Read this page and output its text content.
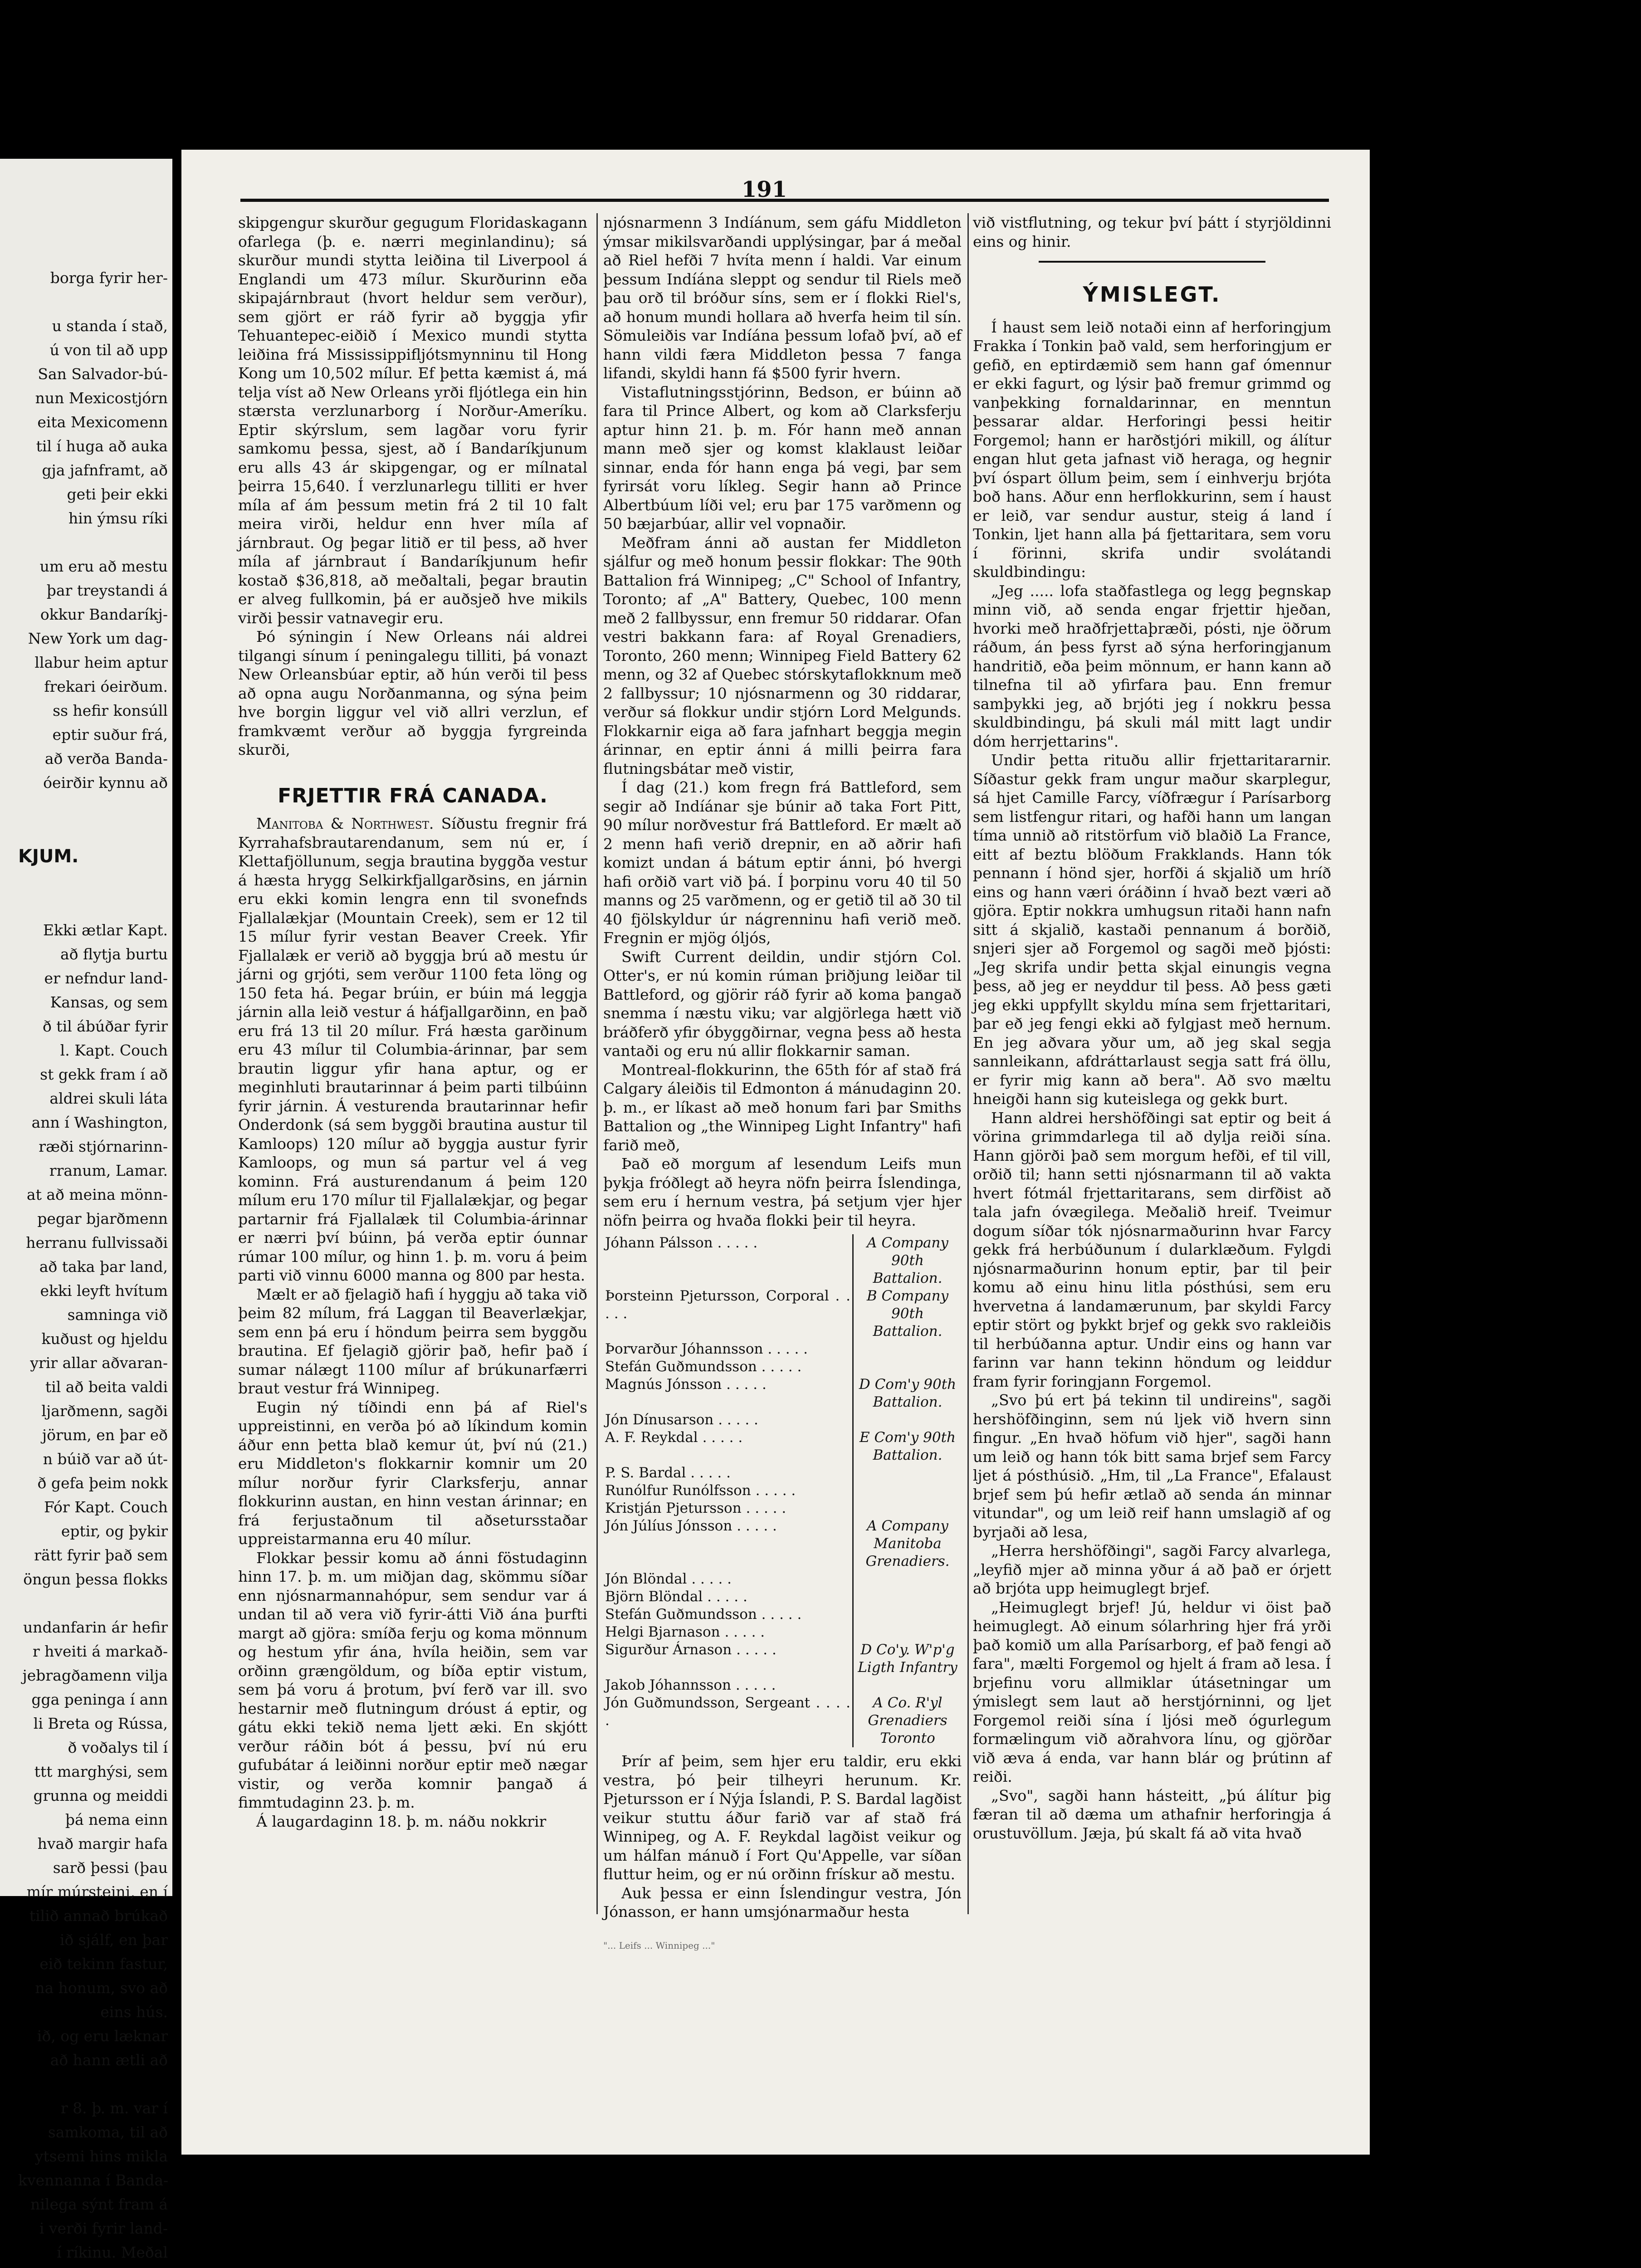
borga fyrir her-

u standa í stað,
ú von til að upp
San Salvador-bú-
nun Mexicostjórn
eita Mexicomenn
til í huga að auka
gja jafnframt, að
geti þeir ekki
hin ýmsu ríki

um eru að mestu
þar treystandi á
okkur Bandaríkj-
New York um dag-
llabur heim aptur
frekari óeirðum.
ss hefir konsúll
eptir suður frá,
að verða Banda-
óeirðir kynnu að

KJUM.

Ekki ætlar Kapt.
að flytja burtu
er nefndur land-
Kansas, og sem
ð til ábúðar fyrir
l. Kapt. Couch
st gekk fram í að
aldrei skuli láta
ann í Washington,
ræði stjórnarinn-
rranum, Lamar.
at að meina mönn-
pegar bjarðmenn
herranu fullvissaði
að taka þar land,
ekki leyft hvítum
samninga við
kuðust og hjeldu
yrir allar aðvaran-
til að beita valdi
ljarðmenn, sagði
jörum, en þar eð
n búið var að út-
ð gefa þeim nokk
Fór Kapt. Couch
eptir, og þykir
rätt fyrir það sem
öngun þessa flokks

undanfarin ár hefir
r hveiti á markað-
jebragðamenn vilja
gga peninga í ann
li Breta og Rússa,
ð voðalys til í
ttt marghýsi, sem
grunna og meiddi
þá nema einn
hvað margir hafa
sarð þessi (þau
mír múrsteini, en í
tilið annað brúkað
ið sjálf, en þar
eið tekinn fastur,
na honum, svo að
eins hús.
ið, og eru læknar
að hann ætli að

r 8. þ. m. var í
samkoma, til að
ytsemi hins mikla
kvennanna í Banda-
nilega sýnt fram á
i verði fyrir land-
í ríkinu. Meðal

191

skipgengur skurður gegugum Floridaskagann ofarlega (þ. e. nærri meginlandinu); sá skurður mundi stytta leiðina til Liverpool á Englandi um 473 mílur. Skurðurinn eða skipajárnbraut (hvort heldur sem verður), sem gjört er ráð fyrir að byggja yfir Tehuantepec-eiðið í Mexico mundi stytta leiðina frá Mississippifljótsmynninu til Hong Kong um 10,502 mílur. Ef þetta kæmist á, má telja víst að New Orleans yrði fljótlega ein hin stærsta verzlunarborg í Norður-Ameríku. Eptir skýrslum, sem lagðar voru fyrir samkomu þessa, sjest, að í Bandaríkjunum eru alls 43 ár skipgengar, og er mílnatal þeirra 15,640. Í verzlunarlegu tilliti er hver míla af ám þessum metin frá 2 til 10 falt meira virði, heldur enn hver míla af járnbraut. Og þegar litið er til þess, að hver míla af járnbraut í Bandaríkjunum hefir kostað $36,818, að meðaltali, þegar brautin er alveg fullkomin, þá er auðsjeð hve mikils virði þessir vatnavegir eru.

Þó sýningin í New Orleans nái aldrei tilgangi sínum í peningalegu tilliti, þá vonazt New Orleansbúar eptir, að hún verði til þess að opna augu Norðanmanna, og sýna þeim hve borgin liggur vel við allri verzlun, ef framkvæmt verður að byggja fyrgreinda skurði,

FRJETTIR FRÁ CANADA.

Manitoba & Northwest. Síðustu fregnir frá Kyrrahafsbrautarendanum, sem nú er, í Klettafjöllunum, segja brautina byggða vestur á hæsta hrygg Selkirkfjallgarðsins, en járnin eru ekki komin lengra enn til svonefnds Fjallalækjar (Mountain Creek), sem er 12 til 15 mílur fyrir vestan Beaver Creek. Yfir Fjallalæk er verið að byggja brú að mestu úr járni og grjóti, sem verður 1100 feta löng og 150 feta há. Þegar brúin, er búin má leggja járnin alla leið vestur á háfjallgarðinn, en það eru frá 13 til 20 mílur. Frá hæsta garðinum eru 43 mílur til Columbia-árinnar, þar sem brautin liggur yfir hana aptur, og er meginhluti brautarinnar á þeim parti tilbúinn fyrir járnin. Á vesturenda brautarinnar hefir Onderdonk (sá sem byggði brautina austur til Kamloops) 120 mílur að byggja austur fyrir Kamloops, og mun sá partur vel á veg kominn. Frá austurendanum á þeim 120 mílum eru 170 mílur til Fjallalækjar, og þegar partarnir frá Fjallalæk til Columbia-árinnar er nærri því búinn, þá verða eptir óunnar rúmar 100 mílur, og hinn 1. þ. m. voru á þeim parti við vinnu 6000 manna og 800 par hesta.

Mælt er að fjelagið hafi í hyggju að taka við þeim 82 mílum, frá Laggan til Beaverlækjar, sem enn þá eru í höndum þeirra sem byggðu brautina. Ef fjelagið gjörir það, hefir það í sumar nálægt 1100 mílur af brúkunarfærri braut vestur frá Winnipeg.

Eugin ný tíðindi enn þá af Riel's uppreistinni, en verða þó að líkindum komin áður enn þetta blað kemur út, því nú (21.) eru Middleton's flokkarnir komnir um 20 mílur norður fyrir Clarksferju, annar flokkurinn austan, en hinn vestan árinnar; en frá ferjustaðnum til aðsetursstaðar uppreistarmanna eru 40 mílur.

Flokkar þessir komu að ánni föstudaginn hinn 17. þ. m. um miðjan dag, skömmu síðar enn njósnarmannahópur, sem sendur var á undan til að vera við fyrir-átti Við ána þurfti margt að gjöra: smíða ferju og koma mönnum og hestum yfir ána, hvíla heiðin, sem var orðinn grængöldum, og bíða eptir vistum, sem þá voru á þrotum, því ferð var ill. svo hestarnir með flutningum dróust á eptir, og gátu ekki tekið nema ljett æki. En skjótt verður ráðin bót á þessu, því nú eru gufubátar á leiðinni norður eptir með nægar vistir, og verða komnir þangað á fimmtudaginn 23. þ. m.

Á laugardaginn 18. þ. m. náðu nokkrir

njósnarmenn 3 Indíánum, sem gáfu Middleton ýmsar mikilsvarðandi upplýsingar, þar á meðal að Riel hefði 7 hvíta menn í haldi. Var einum þessum Indíána sleppt og sendur til Riels með þau orð til bróður síns, sem er í flokki Riel's, að honum mundi hollara að hverfa heim til sín. Sömuleiðis var Indíána þessum lofað því, að ef hann vildi færa Middleton þessa 7 fanga lifandi, skyldi hann fá $500 fyrir hvern.

Vistaflutningsstjórinn, Bedson, er búinn að fara til Prince Albert, og kom að Clarksferju aptur hinn 21. þ. m. Fór hann með annan mann með sjer og komst klaklaust leiðar sinnar, enda fór hann enga þá vegi, þar sem fyrirsát voru líkleg. Segir hann að Prince Albertbúum líði vel; eru þar 175 varðmenn og 50 bæjarbúar, allir vel vopnaðir.

Meðfram ánni að austan fer Middleton sjálfur og með honum þessir flokkar: The 90th Battalion frá Winnipeg; „C" School of Infantry, Toronto; af „A" Battery, Quebec, 100 menn með 2 fallbyssur, enn fremur 50 riddarar. Ofan vestri bakkann fara: af Royal Grenadiers, Toronto, 260 menn; Winnipeg Field Battery 62 menn, og 32 af Quebec stórskytaflokknum með 2 fallbyssur; 10 njósnarmenn og 30 riddarar, verður sá flokkur undir stjórn Lord Melgunds. Flokkarnir eiga að fara jafnhart beggja megin árinnar, en eptir ánni á milli þeirra fara flutningsbátar með vistir,

Í dag (21.) kom fregn frá Battleford, sem segir að Indíánar sje búnir að taka Fort Pitt, 90 mílur norðvestur frá Battleford. Er mælt að 2 menn hafi verið drepnir, en að aðrir hafi komizt undan á bátum eptir ánni, þó hvergi hafi orðið vart við þá. Í þorpinu voru 40 til 50 manns og 25 varðmenn, og er getið til að 30 til 40 fjölskyldur úr nágrenninu hafi verið með. Fregnin er mjög óljós,

Swift Current deildin, undir stjórn Col. Otter's, er nú komin rúman þriðjung leiðar til Battleford, og gjörir ráð fyrir að koma þangað snemma í næstu viku; var algjörlega hætt við bráðferð yfir óbyggðirnar, vegna þess að hesta vantaði og eru nú allir flokkarnir saman.

Montreal-flokkurinn, the 65th fór af stað frá Calgary áleiðis til Edmonton á mánudaginn 20. þ. m., er líkast að með honum fari þar Smiths Battalion og „the Winnipeg Light Infantry" hafi farið með,

Það eð morgum af lesendum Leifs mun þykja fróðlegt að heyra nöfn þeirra Íslendinga, sem eru í hernum vestra, þá setjum vjer hjer nöfn þeirra og hvaða flokki þeir til heyra.

Jóhann Pálsson . . . . .	A Company 90th Battalion.
Þorsteinn Pjetursson, Corporal . . . . .	B Company 90th Battalion.
Þorvarður Jóhannsson . . . . .	
Stefán Guðmundsson . . . . .	
Magnús Jónsson . . . . .	D Com'y 90th Battalion.
Jón Dínusarson . . . . .	
A. F. Reykdal . . . . .	E Com'y 90th Battalion.
P. S. Bardal . . . . .	
Runólfur Runólfsson . . . . .	
Kristján Pjetursson . . . . .	
Jón Júlíus Jónsson . . . . .	A Company Manitoba Grenadiers.
Jón Blöndal . . . . .	
Björn Blöndal . . . . .	
Stefán Guðmundsson . . . . .	
Helgi Bjarnason . . . . .	
Sigurður Árnason . . . . .	D Co'y. W'p'g Ligth Infantry
Jakob Jóhannsson . . . . .	
Jón Guðmundsson, Sergeant . . . . .	A Co. R'yl Grenadiers Toronto

Þrír af þeim, sem hjer eru taldir, eru ekki vestra, þó þeir tilheyri herunum. Kr. Pjetursson er í Nýja Íslandi, P. S. Bardal lagðist veikur stuttu áður farið var af stað frá Winnipeg, og A. F. Reykdal lagðist veikur og um hálfan mánuð í Fort Qu'Appelle, var síðan fluttur heim, og er nú orðinn frískur að mestu.

Auk þessa er einn Íslendingur vestra, Jón Jónasson, er hann umsjónarmaður hesta

"... Leifs ... Winnipeg ..."

við vistflutning, og tekur því þátt í styrjöldinni eins og hinir.

ÝMISLEGT.

Í haust sem leið notaði einn af herforingjum Frakka í Tonkin það vald, sem herforingjum er gefið, en eptirdæmið sem hann gaf ómennur er ekki fagurt, og lýsir það fremur grimmd og vanþekking fornaldarinnar, en menntun þessarar aldar. Herforingi þessi heitir Forgemol; hann er harðstjóri mikill, og álítur engan hlut geta jafnast við heraga, og hegnir því óspart öllum þeim, sem í einhverju brjóta boð hans. Aður enn herflokkurinn, sem í haust er leið, var sendur austur, steig á land í Tonkin, ljet hann alla þá fjettaritara, sem voru í förinni, skrifa undir svolátandi skuldbindingu:

„Jeg ..... lofa staðfastlega og legg þegnskap minn við, að senda engar frjettir hjeðan, hvorki með hraðfrjettaþræði, pósti, nje öðrum ráðum, án þess fyrst að sýna herforingjanum handritið, eða þeim mönnum, er hann kann að tilnefna til að yfirfara þau. Enn fremur samþykki jeg, að brjóti jeg í nokkru þessa skuldbindingu, þá skuli mál mitt lagt undir dóm herrjettarins".

Undir þetta rituðu allir frjettaritararnir. Síðastur gekk fram ungur maður skarplegur, sá hjet Camille Farcy, víðfrægur í Parísarborg sem listfengur ritari, og hafði hann um langan tíma unnið að ritstörfum við blaðið La France, eitt af beztu blöðum Frakklands. Hann tók pennann í hönd sjer, horfði á skjalið um hríð eins og hann væri óráðinn í hvað bezt væri að gjöra. Eptir nokkra umhugsun ritaði hann nafn sitt á skjalið, kastaði pennanum á borðið, snjeri sjer að Forgemol og sagði með þjósti: „Jeg skrifa undir þetta skjal einungis vegna þess, að jeg er neyddur til þess. Að þess gæti jeg ekki uppfyllt skyldu mína sem frjettaritari, þar eð jeg fengi ekki að fylgjast með hernum. En jeg aðvara yður um, að jeg skal segja sannleikann, afdráttarlaust segja satt frá öllu, er fyrir mig kann að bera". Að svo mæltu hneigði hann sig kuteislega og gekk burt.

Hann aldrei hershöfðingi sat eptir og beit á vörina grimmdarlega til að dylja reiði sína. Hann gjörði það sem morgum hefði, ef til vill, orðið til; hann setti njósnarmann til að vakta hvert fótmál frjettaritarans, sem dirfðist að tala jafn óvægilega. Meðalið hreif. Tveimur dogum síðar tók njósnarmaðurinn hvar Farcy gekk frá herbúðunum í dularklæðum. Fylgdi njósnarmaðurinn honum eptir, þar til þeir komu að einu hinu litla pósthúsi, sem eru hvervetna á landamærunum, þar skyldi Farcy eptir stört og þykkt brjef og gekk svo rakleiðis til herbúðanna aptur. Undir eins og hann var farinn var hann tekinn höndum og leiddur fram fyrir foringjann Forgemol.

„Svo þú ert þá tekinn til undireins", sagði hershöfðinginn, sem nú ljek við hvern sinn fingur. „En hvað höfum við hjer", sagði hann um leið og hann tók bitt sama brjef sem Farcy ljet á pósthúsið. „Hm, til „La France", Efalaust brjef sem þú hefir ætlað að senda án minnar vitundar", og um leið reif hann umslagið af og byrjaði að lesa,

„Herra hershöfðingi", sagði Farcy alvarlega, „leyfið mjer að minna yður á að það er órjett að brjóta upp heimuglegt brjef.

„Heimuglegt brjef! Jú, heldur vi öist það heimuglegt. Að einum sólarhring hjer frá yrði það komið um alla Parísarborg, ef það fengi að fara", mælti Forgemol og hjelt á fram að lesa. Í brjefinu voru allmiklar útásetningar um ýmislegt sem laut að herstjórninni, og ljet Forgemol reiði sína í ljósi með ógurlegum formælingum við aðrahvora línu, og gjörðar við æva á enda, var hann blár og þrútinn af reiði.

„Svo", sagði hann hásteitt, „þú álítur þig færan til að dæma um athafnir herforingja á orustuvöllum. Jæja, þú skalt fá að vita hvað
